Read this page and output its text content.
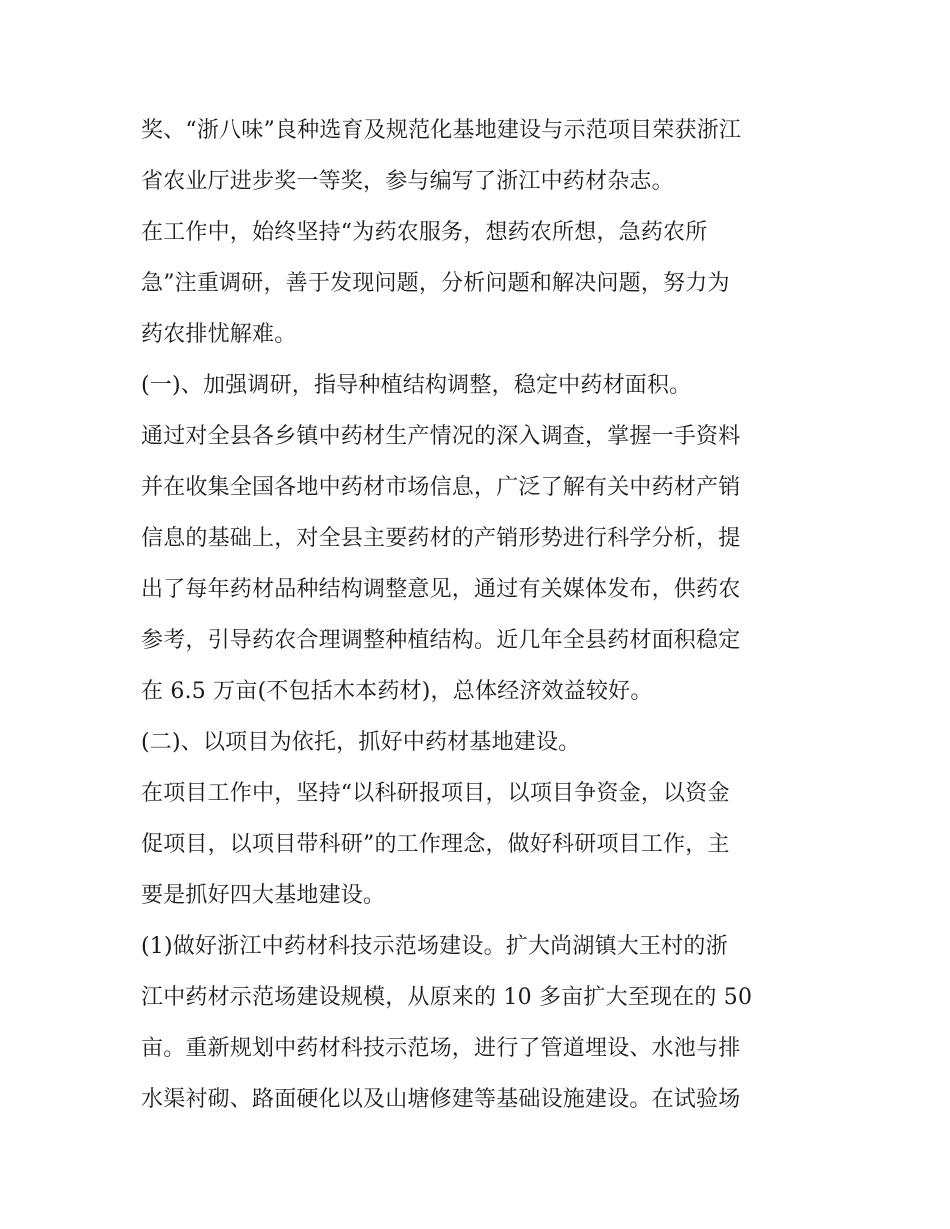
奖、“浙八味”良种选育及规范化基地建设与示范项目荣获浙江
省农业厅进步奖一等奖，参与编写了浙江中药材杂志。
在工作中，始终坚持“为药农服务，想药农所想，急药农所
急”注重调研，善于发现问题，分析问题和解决问题，努力为
药农排忧解难。
(一)、加强调研，指导种植结构调整，稳定中药材面积。
通过对全县各乡镇中药材生产情况的深入调查，掌握一手资料
并在收集全国各地中药材市场信息，广泛了解有关中药材产销
信息的基础上，对全县主要药材的产销形势进行科学分析，提
出了每年药材品种结构调整意见，通过有关媒体发布，供药农
参考，引导药农合理调整种植结构。近几年全县药材面积稳定
在 6.5 万亩(不包括木本药材)，总体经济效益较好。
(二)、以项目为依托，抓好中药材基地建设。
在项目工作中，坚持“以科研报项目，以项目争资金，以资金
促项目，以项目带科研”的工作理念，做好科研项目工作，主
要是抓好四大基地建设。
(1)做好浙江中药材科技示范场建设。扩大尚湖镇大王村的浙
江中药材示范场建设规模，从原来的 10 多亩扩大至现在的 50
亩。重新规划中药材科技示范场，进行了管道埋设、水池与排
水渠衬砌、路面硬化以及山塘修建等基础设施建设。在试验场
